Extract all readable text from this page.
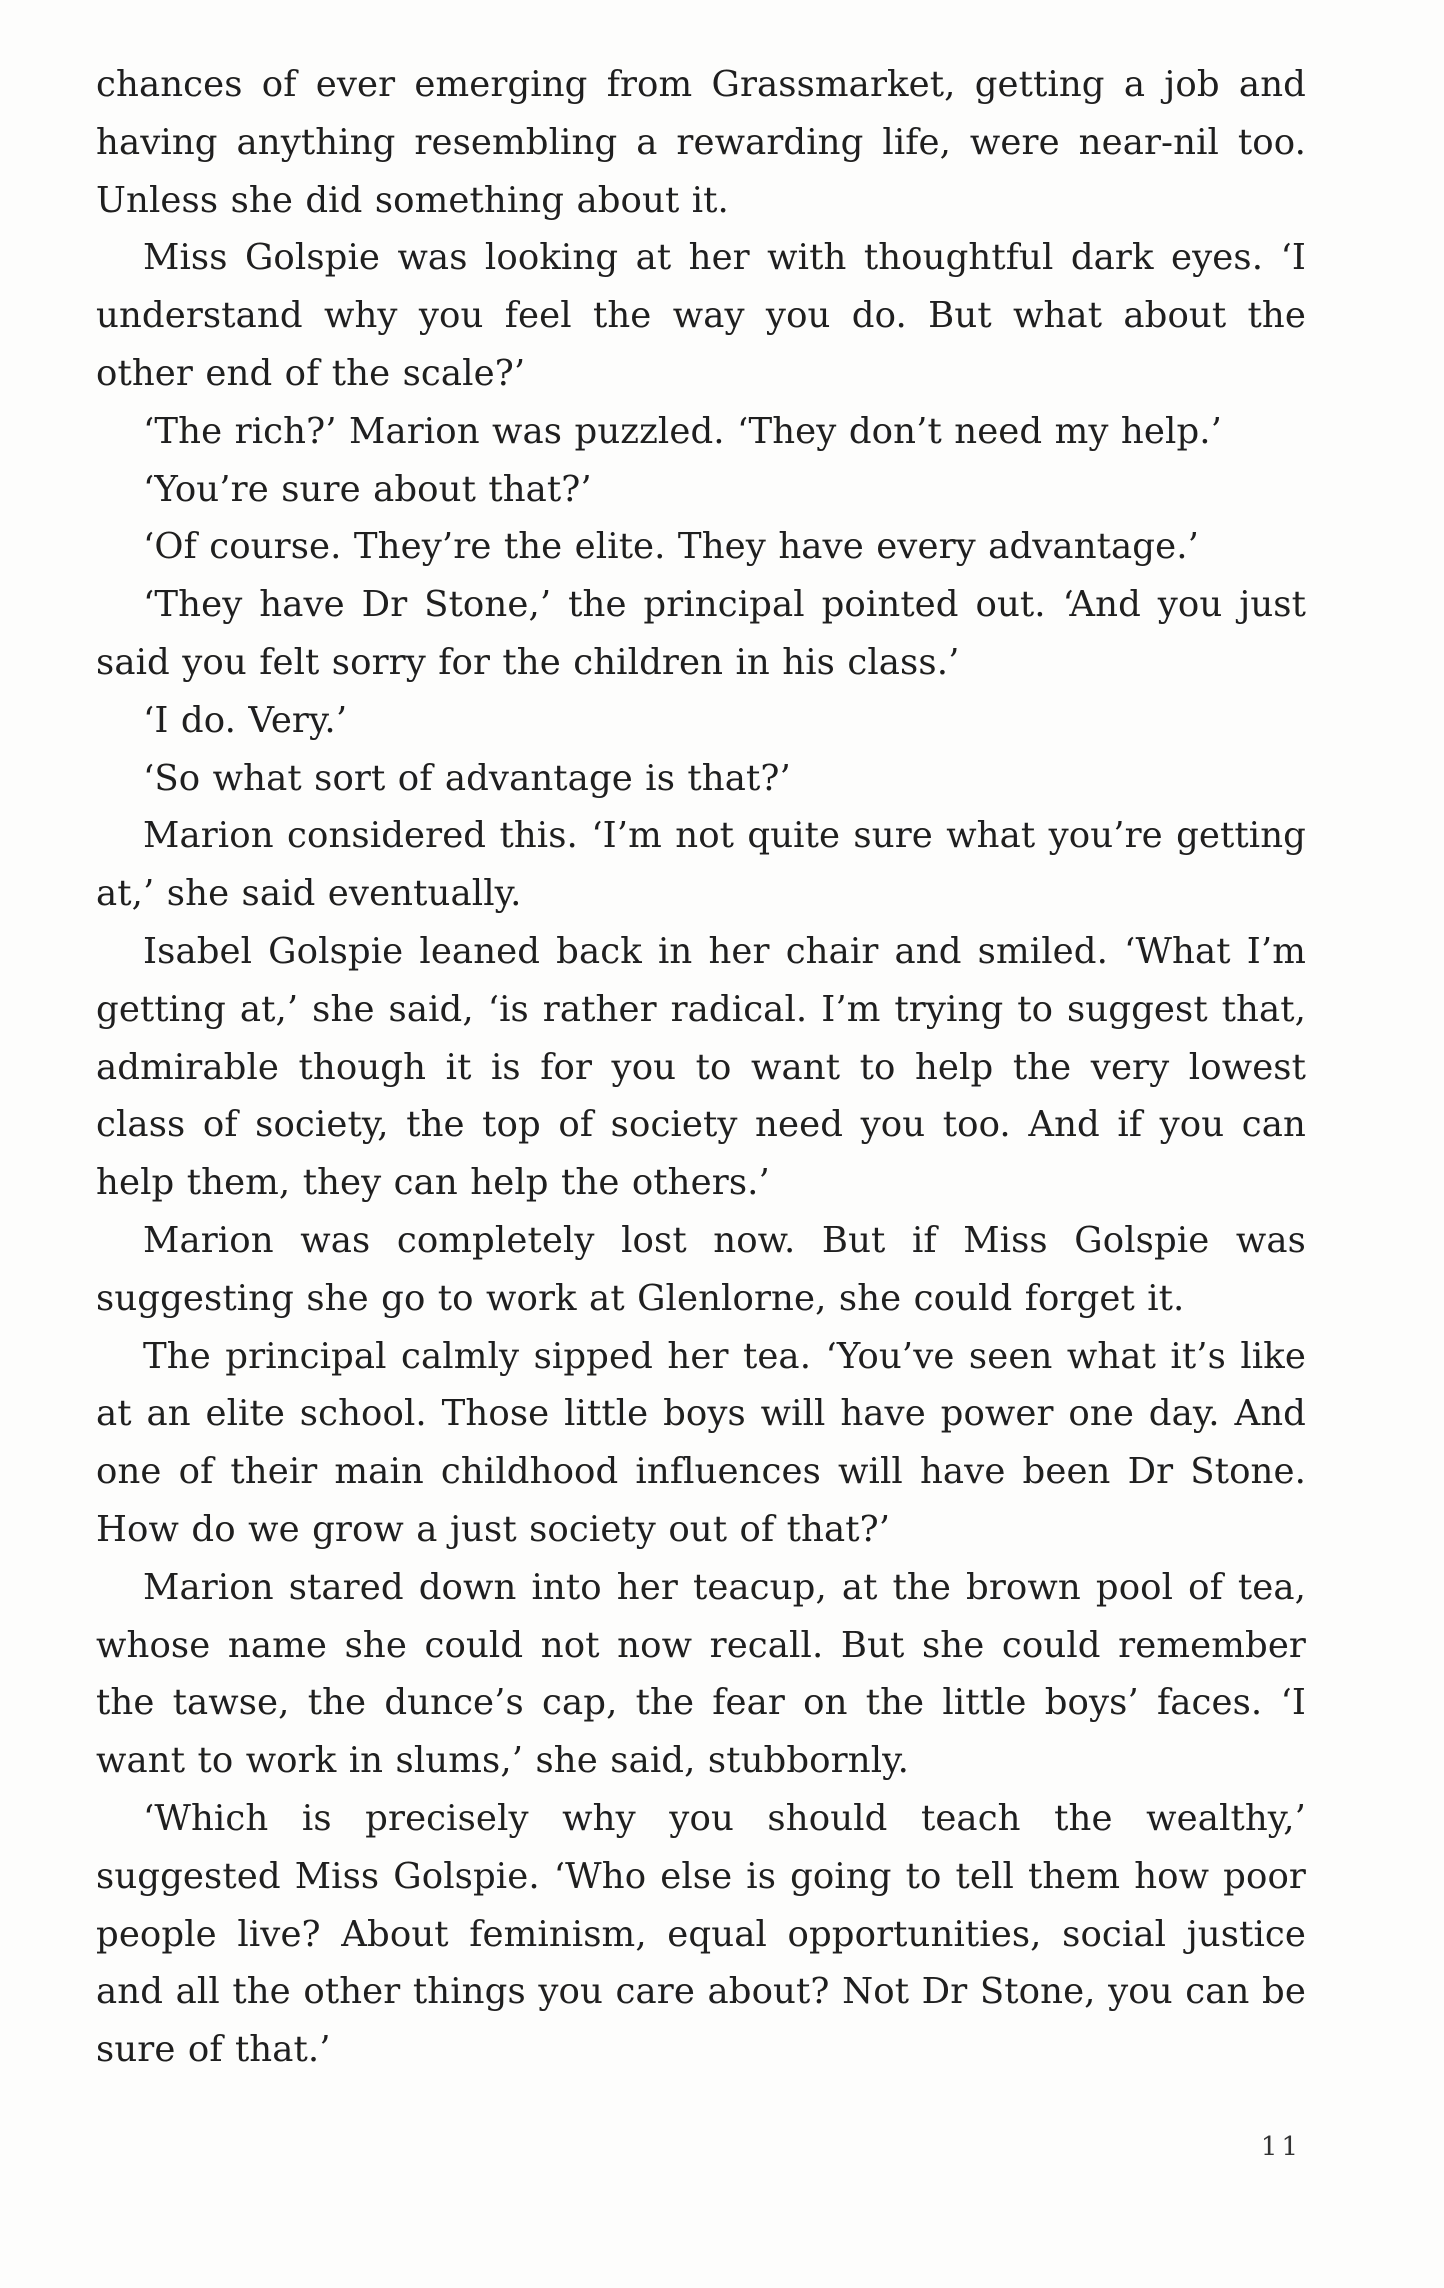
chances of ever emerging from Grassmarket, getting a job and having anything resembling a rewarding life, were near-nil too. Unless she did something about it.

Miss Golspie was looking at her with thoughtful dark eyes. ‘I understand why you feel the way you do. But what about the other end of the scale?’

‘The rich?’ Marion was puzzled. ‘They don’t need my help.’

‘You’re sure about that?’

‘Of course. They’re the elite. They have every advantage.’

‘They have Dr Stone,’ the principal pointed out. ‘And you just said you felt sorry for the children in his class.’

‘I do. Very.’

‘So what sort of advantage is that?’

Marion considered this. ‘I’m not quite sure what you’re getting at,’ she said eventually.

Isabel Golspie leaned back in her chair and smiled. ‘What I’m getting at,’ she said, ‘is rather radical. I’m trying to suggest that, admirable though it is for you to want to help the very lowest class of society, the top of society need you too. And if you can help them, they can help the others.’

Marion was completely lost now. But if Miss Golspie was suggesting she go to work at Glenlorne, she could forget it.

The principal calmly sipped her tea. ‘You’ve seen what it’s like at an elite school. Those little boys will have power one day. And one of their main childhood influences will have been Dr Stone. How do we grow a just society out of that?’

Marion stared down into her teacup, at the brown pool of tea, whose name she could not now recall. But she could remember the tawse, the dunce’s cap, the fear on the little boys’ faces. ‘I want to work in slums,’ she said, stubbornly.

‘Which is precisely why you should teach the wealthy,’ suggested Miss Golspie. ‘Who else is going to tell them how poor people live? About feminism, equal opportunities, social justice and all the other things you care about? Not Dr Stone, you can be sure of that.’

11
